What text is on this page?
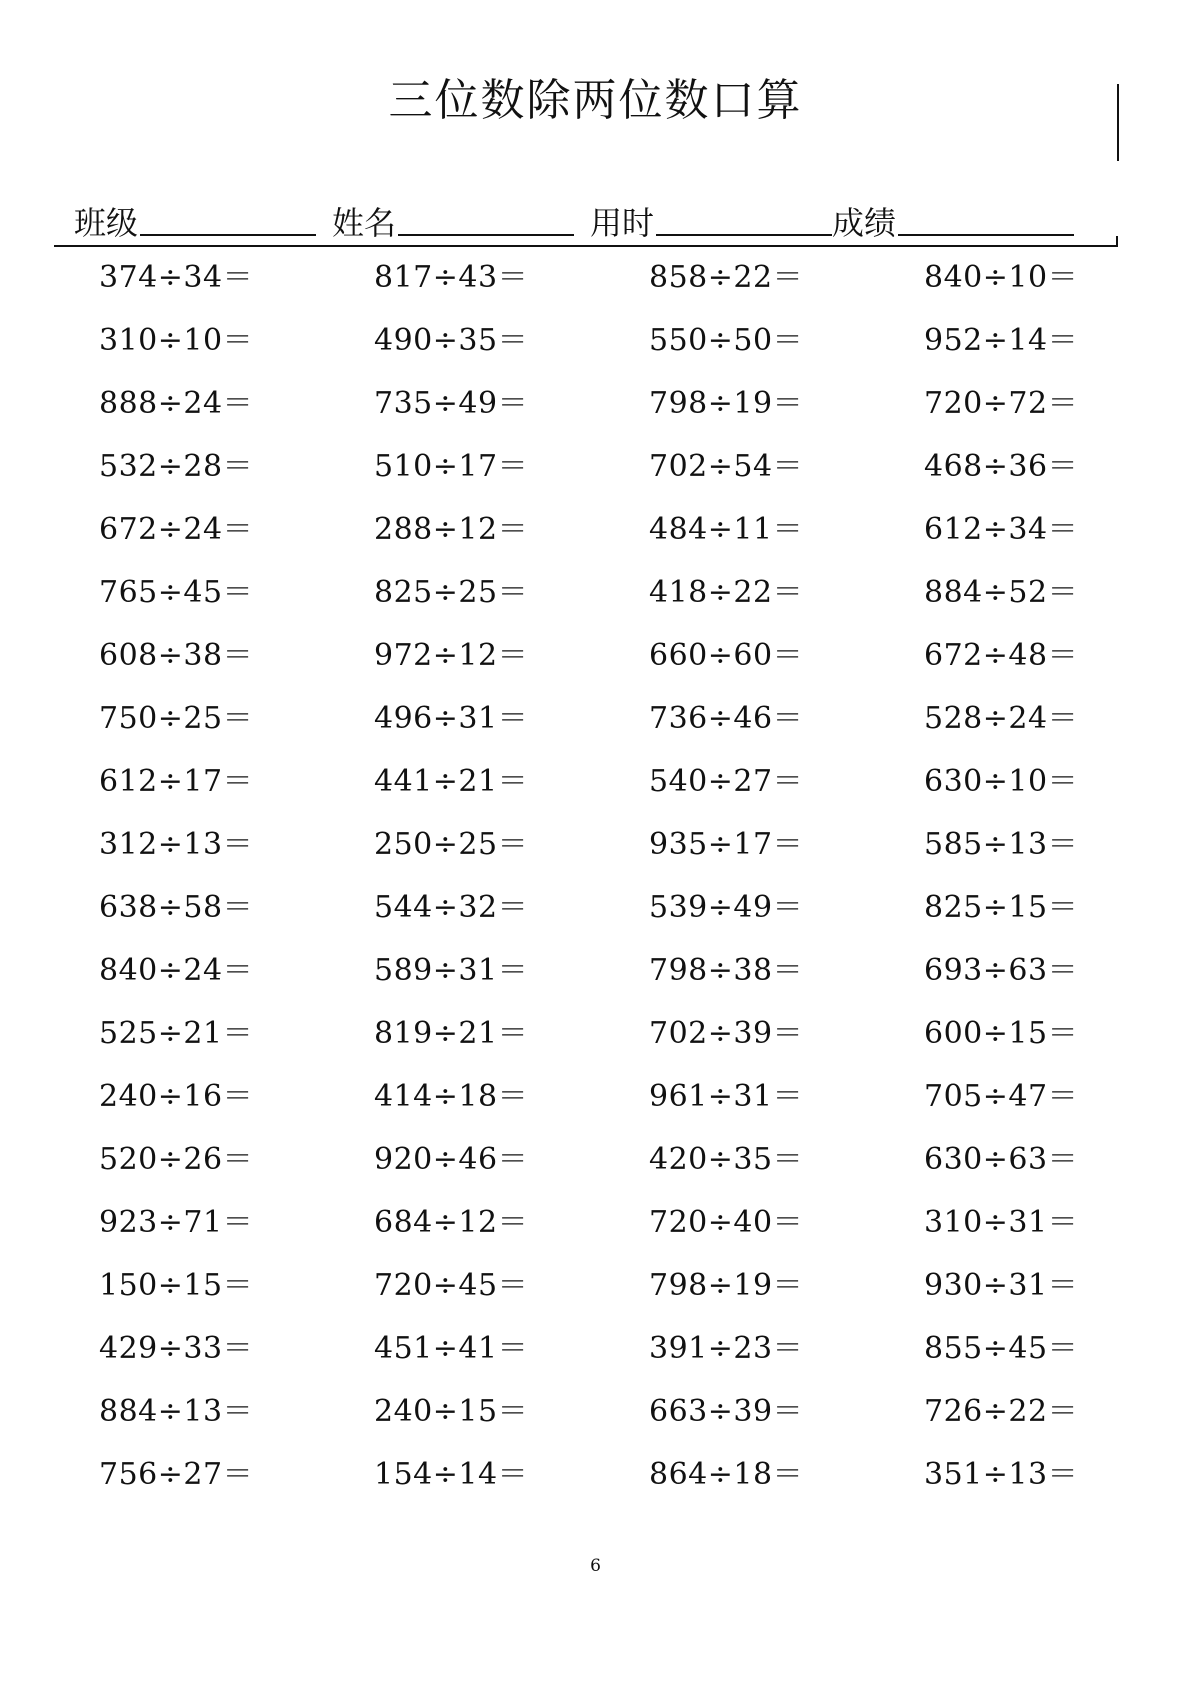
三位数除两位数口算
班级	姓名	用时	成绩
374÷34＝	817÷43＝	858÷22＝	840÷10＝
310÷10＝	490÷35＝	550÷50＝	952÷14＝
888÷24＝	735÷49＝	798÷19＝	720÷72＝
532÷28＝	510÷17＝	702÷54＝	468÷36＝
672÷24＝	288÷12＝	484÷11＝	612÷34＝
765÷45＝	825÷25＝	418÷22＝	884÷52＝
608÷38＝	972÷12＝	660÷60＝	672÷48＝
750÷25＝	496÷31＝	736÷46＝	528÷24＝
612÷17＝	441÷21＝	540÷27＝	630÷10＝
312÷13＝	250÷25＝	935÷17＝	585÷13＝
638÷58＝	544÷32＝	539÷49＝	825÷15＝
840÷24＝	589÷31＝	798÷38＝	693÷63＝
525÷21＝	819÷21＝	702÷39＝	600÷15＝
240÷16＝	414÷18＝	961÷31＝	705÷47＝
520÷26＝	920÷46＝	420÷35＝	630÷63＝
923÷71＝	684÷12＝	720÷40＝	310÷31＝
150÷15＝	720÷45＝	798÷19＝	930÷31＝
429÷33＝	451÷41＝	391÷23＝	855÷45＝
884÷13＝	240÷15＝	663÷39＝	726÷22＝
756÷27＝	154÷14＝	864÷18＝	351÷13＝
6
